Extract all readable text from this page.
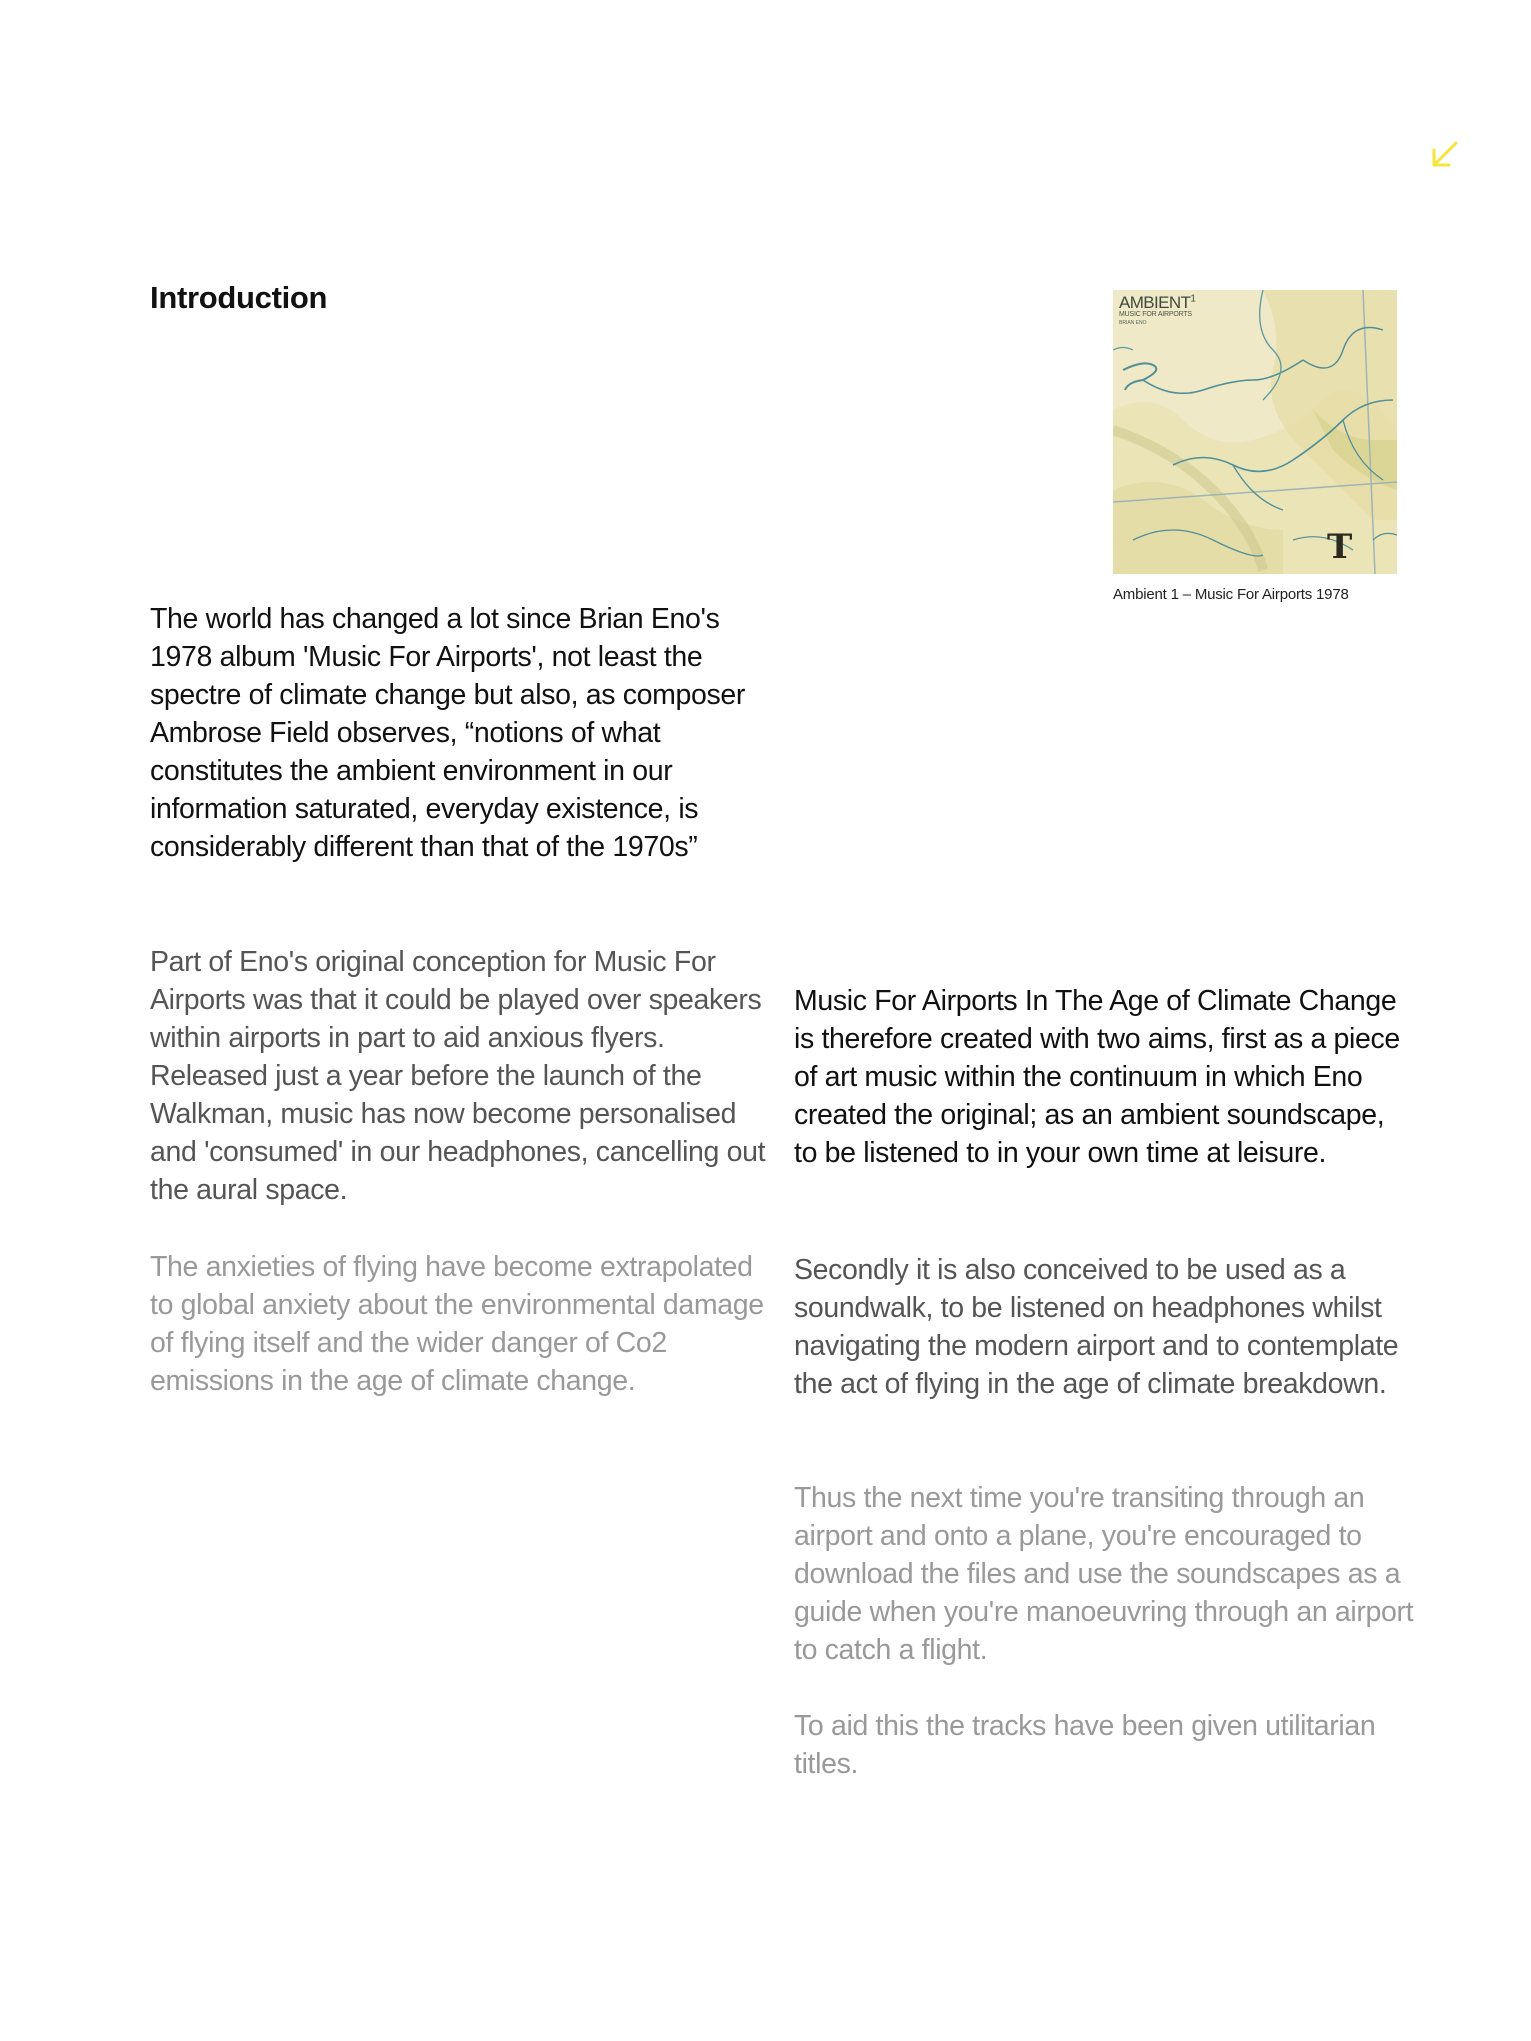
Introduction	AMBIENT$^1$
MUSIC FOR AIRPORTS
BRIAN ENO
T
Ambient 1 – Music For Airports 1978

The world has changed a lot since Brian Eno's 1978 album 'Music For Airports', not least the spectre of climate change but also, as composer Ambrose Field observes, “notions of what constitutes the ambient environment in our information saturated, everyday existence, is considerably different than that of the 1970s”

Part of Eno's original conception for Music For Airports was that it could be played over speakers within airports in part to aid anxious flyers. Released just a year before the launch of the Walkman, music has now become personalised and 'consumed' in our headphones, cancelling out the aural space.

The anxieties of flying have become extrapolated to global anxiety about the environmental damage of flying itself and the wider danger of Co2 emissions in the age of climate change.

Music For Airports In The Age of Climate Change is therefore created with two aims, first as a piece of art music within the continuum in which Eno created the original; as an ambient soundscape, to be listened to in your own time at leisure.

Secondly it is also conceived to be used as a soundwalk, to be listened on headphones whilst navigating the modern airport and to contemplate the act of flying in the age of climate breakdown.

Thus the next time you're transiting through an airport and onto a plane, you're encouraged to download the files and use the soundscapes as a guide when you're manoeuvring through an airport to catch a flight.

To aid this the tracks have been given utilitarian titles.
